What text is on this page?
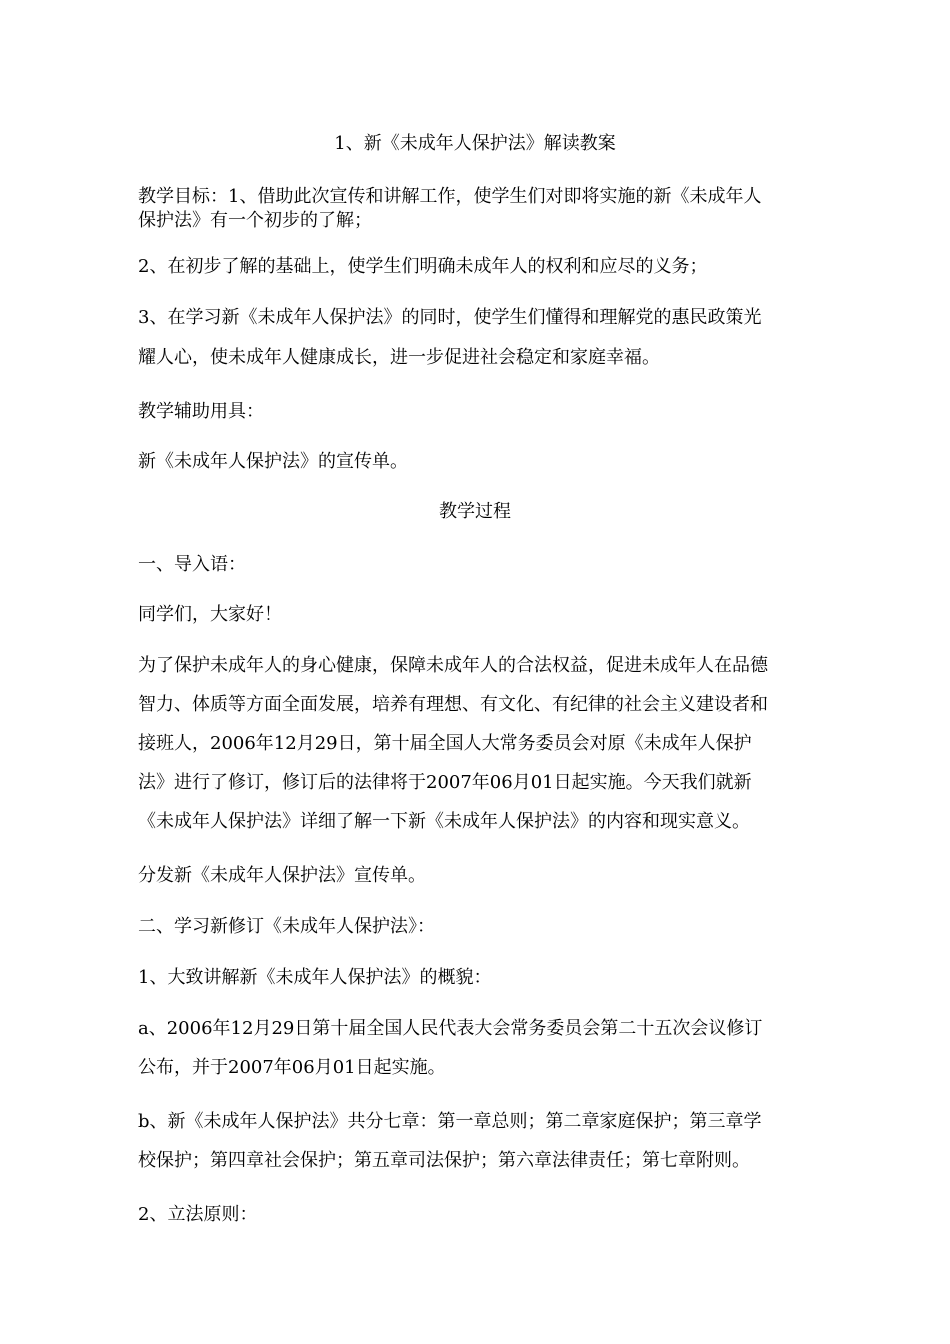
1、新《未成年人保护法》解读教案
教学目标：1、借助此次宣传和讲解工作，使学生们对即将实施的新《未成年人
保护法》有一个初步的了解；
2、在初步了解的基础上，使学生们明确未成年人的权利和应尽的义务；
3、在学习新《未成年人保护法》的同时，使学生们懂得和理解党的惠民政策光
耀人心，使未成年人健康成长，进一步促进社会稳定和家庭幸福。
教学辅助用具：
新《未成年人保护法》的宣传单。
教学过程
一、导入语：
同学们，大家好！
为了保护未成年人的身心健康，保障未成年人的合法权益，促进未成年人在品德
智力、体质等方面全面发展，培养有理想、有文化、有纪律的社会主义建设者和
接班人，2006年12月29日，第十届全国人大常务委员会对原《未成年人保护
法》进行了修订，修订后的法律将于2007年06月01日起实施。今天我们就新
《未成年人保护法》详细了解一下新《未成年人保护法》的内容和现实意义。
分发新《未成年人保护法》宣传单。
二、学习新修订《未成年人保护法》：
1、大致讲解新《未成年人保护法》的概貌：
a、2006年12月29日第十届全国人民代表大会常务委员会第二十五次会议修订
公布，并于2007年06月01日起实施。
b、新《未成年人保护法》共分七章：第一章总则；第二章家庭保护；第三章学
校保护；第四章社会保护；第五章司法保护；第六章法律责任；第七章附则。
2、立法原则：
